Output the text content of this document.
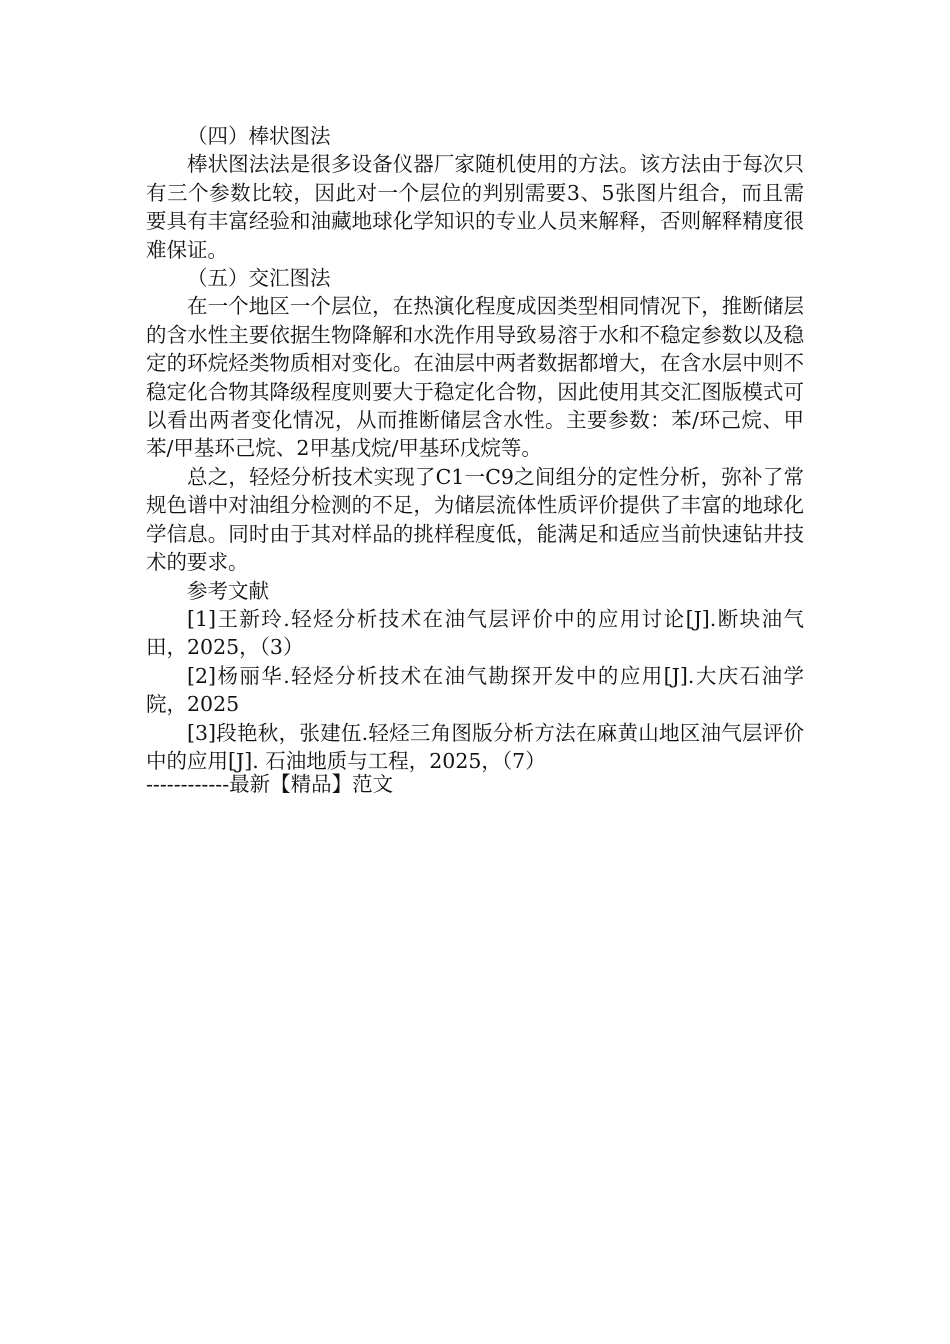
（四）棒状图法

棒状图法法是很多设备仪器厂家随机使用的方法。该方法由于每次只有三个参数比较，因此对一个层位的判别需要3、5张图片组合，而且需要具有丰富经验和油藏地球化学知识的专业人员来解释，否则解释精度很难保证。

（五）交汇图法

在一个地区一个层位，在热演化程度成因类型相同情况下，推断储层的含水性主要依据生物降解和水洗作用导致易溶于水和不稳定参数以及稳定的环烷烃类物质相对变化。在油层中两者数据都增大，在含水层中则不稳定化合物其降级程度则要大于稳定化合物，因此使用其交汇图版模式可以看出两者变化情况，从而推断储层含水性。主要参数：苯/环己烷、甲苯/甲基环己烷、2甲基戊烷/甲基环戊烷等。

总之，轻烃分析技术实现了C1一C9之间组分的定性分析，弥补了常规色谱中对油组分检测的不足，为储层流体性质评价提供了丰富的地球化学信息。同时由于其对样品的挑样程度低，能满足和适应当前快速钻井技术的要求。

参考文献

[1]王新玲.轻烃分析技术在油气层评价中的应用讨论[J].断块油气田，2025，（3）

[2]杨丽华.轻烃分析技术在油气勘探开发中的应用[J].大庆石油学院，2025

[3]段艳秋，张建伍.轻烃三角图版分析方法在麻黄山地区油气层评价中的应用[J]. 石油地质与工程，2025，（7）

------------最新【精品】范文
